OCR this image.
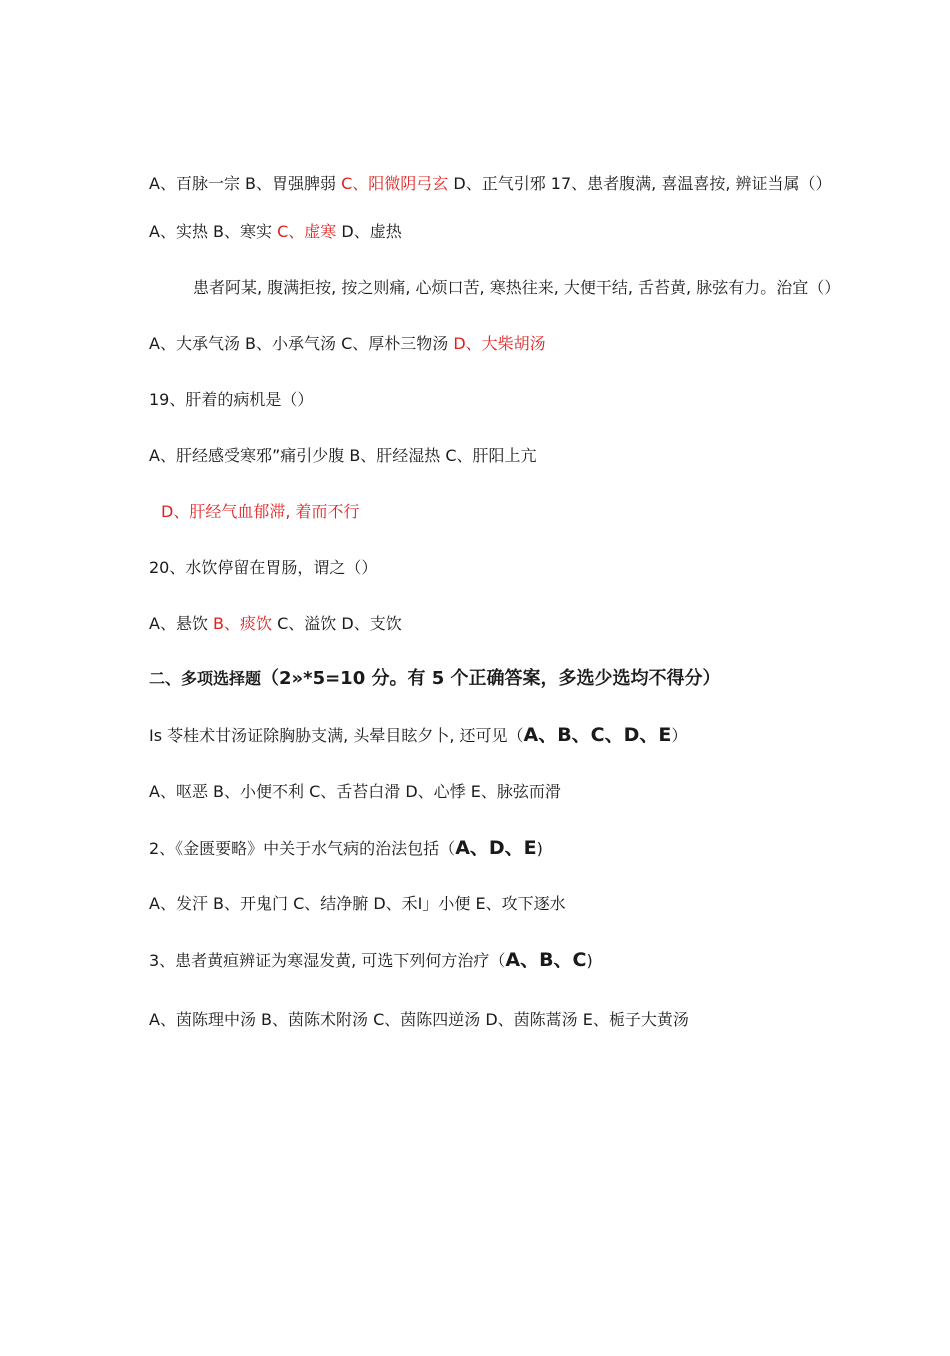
A、百脉一宗 B、胃强脾弱 C、阳微阴弓玄 D、正气引邪 17、患者腹满, 喜温喜按, 辨证当属（）
A、实热 B、寒实 C、虚寒 D、虚热
患者阿某, 腹满拒按, 按之则痛, 心烦口苦, 寒热往来, 大便干结, 舌苔黄, 脉弦有力。治宜（）
A、大承气汤 B、小承气汤 C、厚朴三物汤 D、大柴胡汤
19、肝着的病机是（）
A、肝经感受寒邪”痛引少腹 B、肝经湿热 C、肝阳上亢
D、肝经气血郁滞, 着而不行
20、水饮停留在胃肠，谓之（）
A、悬饮 B、痰饮 C、溢饮 D、支饮
二、多项选择题（2»*5=10 分。有 5 个正确答案，多选少选均不得分）
Is 苓桂术甘汤证除胸胁支满, 头晕目眩夕卜, 还可见（A、B、C、D、E）
A、呕恶 B、小便不利 C、舌苔白滑 D、心悸 E、脉弦而滑
2、《金匮要略》中关于水气病的治法包括（A、D、E)
A、发汗 B、开鬼门 C、结净腑 D、禾I」小便 E、攻下逐水
3、患者黄疸辨证为寒湿发黄, 可选下列何方治疗（A、B、C)
A、茵陈理中汤 B、茵陈术附汤 C、茵陈四逆汤 D、茵陈蒿汤 E、栀子大黄汤
